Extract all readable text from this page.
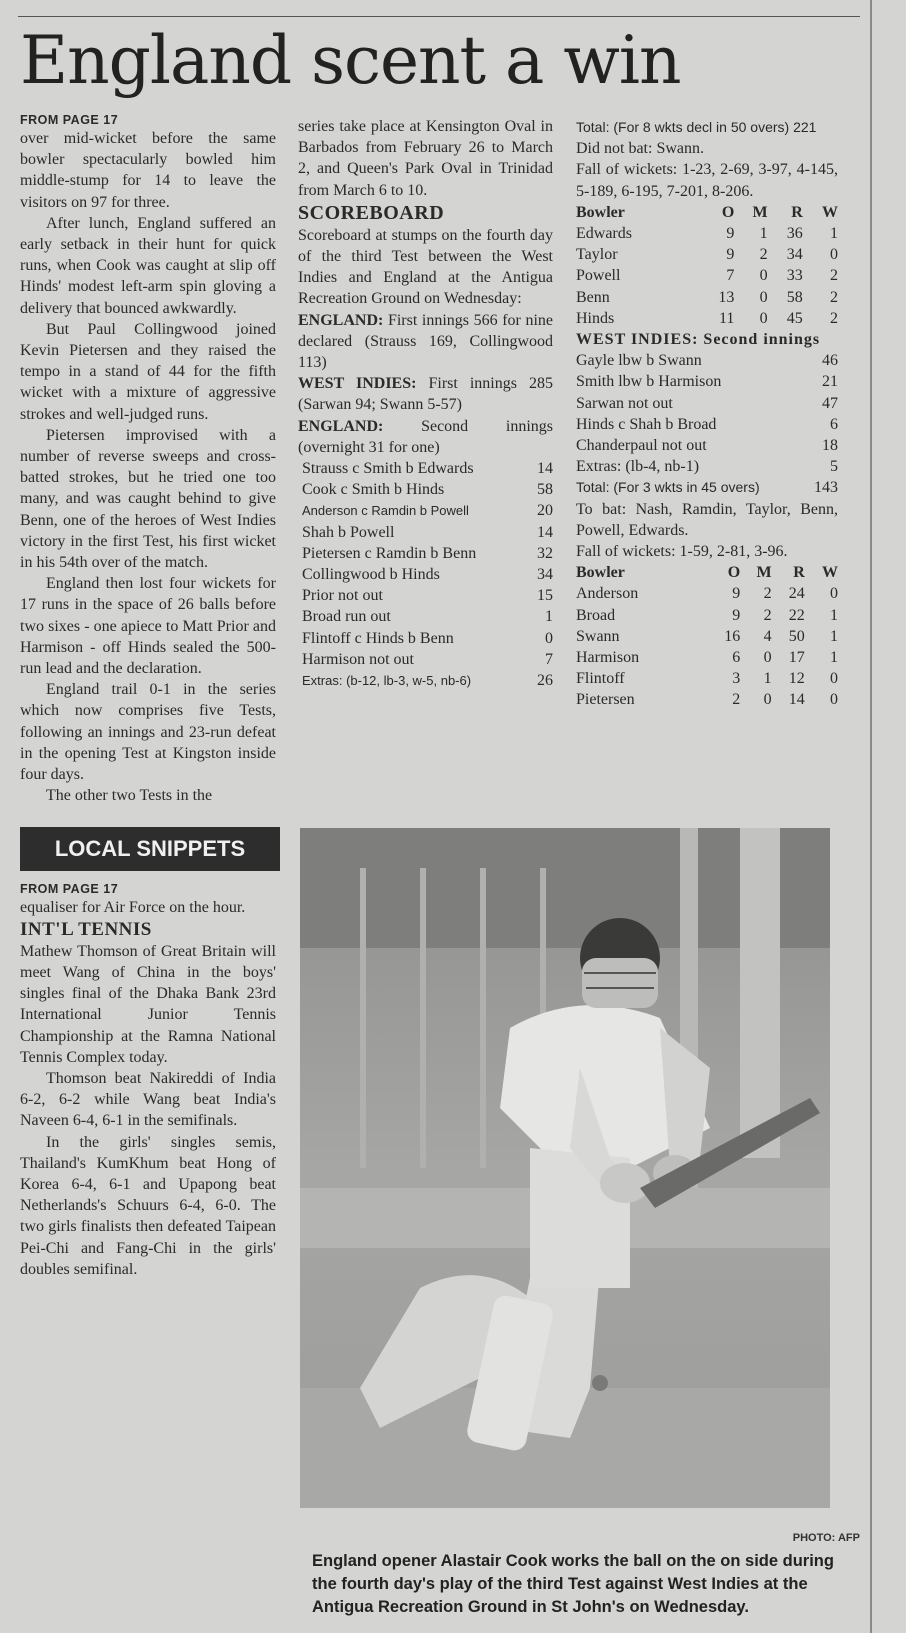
England scent a win

FROM PAGE 17

over mid-wicket before the same bowler spectacularly bowled him middle-stump for 14 to leave the visitors on 97 for three.

After lunch, England suffered an early setback in their hunt for quick runs, when Cook was caught at slip off Hinds' modest left-arm spin gloving a delivery that bounced awkwardly.

But Paul Collingwood joined Kevin Pietersen and they raised the tempo in a stand of 44 for the fifth wicket with a mixture of aggressive strokes and well-judged runs.

Pietersen improvised with a number of reverse sweeps and cross-batted strokes, but he tried one too many, and was caught behind to give Benn, one of the heroes of West Indies victory in the first Test, his first wicket in his 54th over of the match.

England then lost four wickets for 17 runs in the space of 26 balls before two sixes - one apiece to Matt Prior and Harmison - off Hinds sealed the 500-run lead and the declaration.

England trail 0-1 in the series which now comprises five Tests, following an innings and 23-run defeat in the opening Test at Kingston inside four days.

The other two Tests in the

LOCAL SNIPPETS

FROM PAGE 17

equaliser for Air Force on the hour.

INT'L TENNIS

Mathew Thomson of Great Britain will meet Wang of China in the boys' singles final of the Dhaka Bank 23rd International Junior Tennis Championship at the Ramna National Tennis Complex today.

Thomson beat Nakireddi of India 6-2, 6-2 while Wang beat India's Naveen 6-4, 6-1 in the semifinals.

In the girls' singles semis, Thailand's KumKhum beat Hong of Korea 6-4, 6-1 and Upapong beat Netherlands's Schuurs 6-4, 6-0. The two girls finalists then defeated Taipean Pei-Chi and Fang-Chi in the girls' doubles semifinal.

series take place at Kensington Oval in Barbados from February 26 to March 2, and Queen's Park Oval in Trinidad from March 6 to 10.

SCOREBOARD

Scoreboard at stumps on the fourth day of the third Test between the West Indies and England at the Antigua Recreation Ground on Wednesday:

ENGLAND: First innings 566 for nine declared (Strauss 169, Collingwood 113)

WEST INDIES: First innings 285 (Sarwan 94; Swann 5-57)

ENGLAND: Second innings (overnight 31 for one)

Strauss c Smith b Edwards	14
Cook c Smith b Hinds	58
Anderson c Ramdin b Powell	20
Shah b Powell	14
Pietersen c Ramdin b Benn	32
Collingwood b Hinds	34
Prior not out	15
Broad run out	1
Flintoff c Hinds b Benn	0
Harmison not out	7
Extras: (b-12, lb-3, w-5, nb-6)	26

Total: (For 8 wkts decl in 50 overs) 221

Did not bat: Swann.

Fall of wickets: 1-23, 2-69, 3-97, 4-145, 5-189, 6-195, 7-201, 8-206.

Bowler	O	M	R	W
Edwards	9	1	36	1
Taylor	9	2	34	0
Powell	7	0	33	2
Benn	13	0	58	2
Hinds	11	0	45	2

WEST INDIES: Second innings

Gayle lbw b Swann	46
Smith lbw b Harmison	21
Sarwan not out	47
Hinds c Shah b Broad	6
Chanderpaul not out	18
Extras: (lb-4, nb-1)	5
Total: (For 3 wkts in 45 overs)	143

To bat: Nash, Ramdin, Taylor, Benn, Powell, Edwards.

Fall of wickets: 1-59, 2-81, 3-96.

Bowler	O	M	R	W
Anderson	9	2	24	0
Broad	9	2	22	1
Swann	16	4	50	1
Harmison	6	0	17	1
Flintoff	3	1	12	0
Pietersen	2	0	14	0
PHOTO: AFP
England opener Alastair Cook works the ball on the on side during the fourth day's play of the third Test against West Indies at the Antigua Recreation Ground in St John's on Wednesday.
